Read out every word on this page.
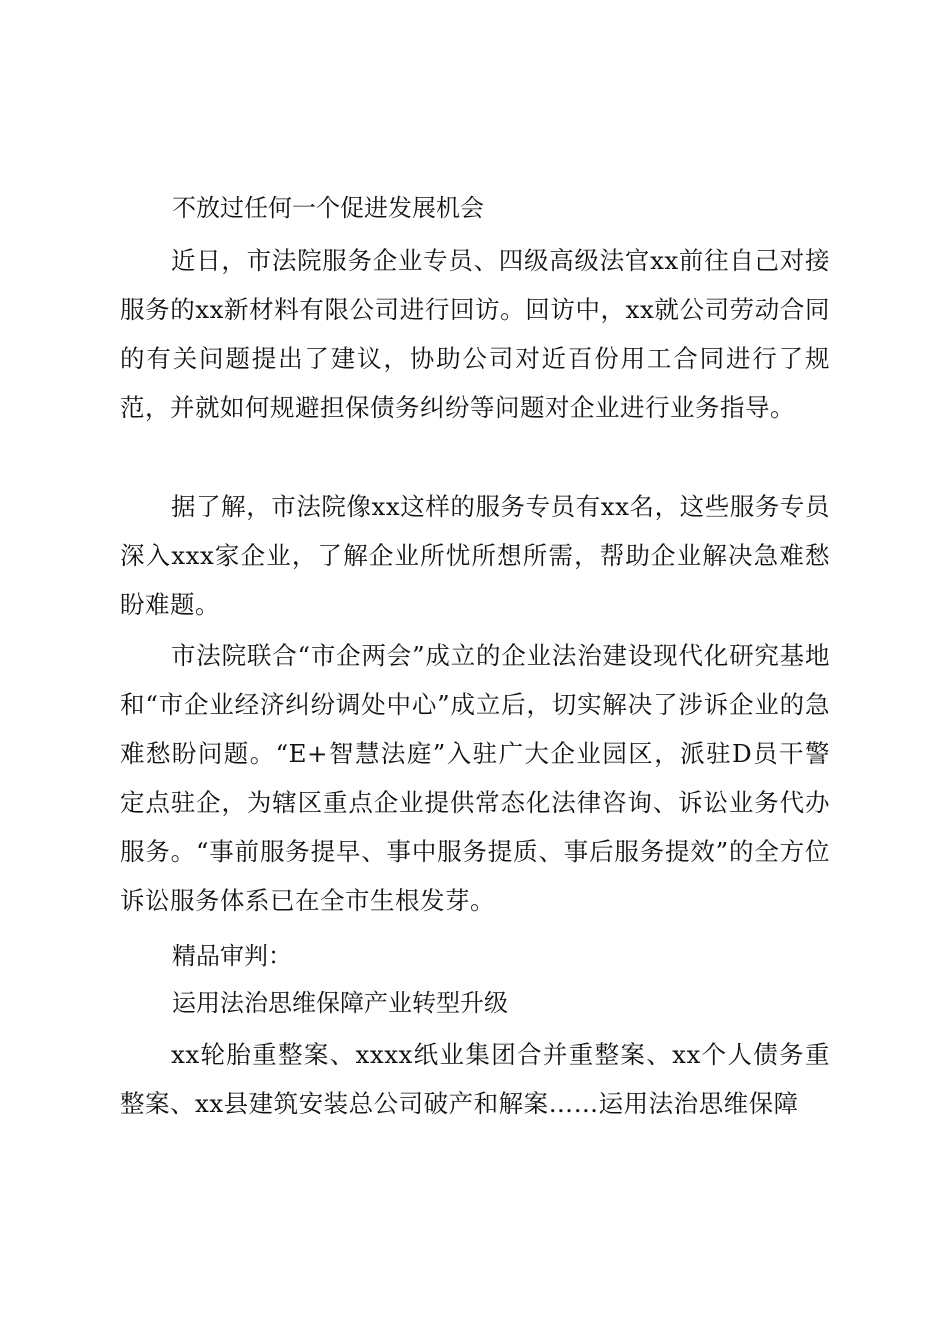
不放过任何一个促进发展机会

近日，市法院服务企业专员、四级高级法官xx前往自己对接服务的xx新材料有限公司进行回访。回访中，xx就公司劳动合同的有关问题提出了建议，协助公司对近百份用工合同进行了规范，并就如何规避担保债务纠纷等问题对企业进行业务指导。

据了解，市法院像xx这样的服务专员有xx名，这些服务专员深入xxx家企业，了解企业所忧所想所需，帮助企业解决急难愁盼难题。

市法院联合“市企两会”成立的企业法治建设现代化研究基地和“市企业经济纠纷调处中心”成立后，切实解决了涉诉企业的急难愁盼问题。“E+智慧法庭”入驻广大企业园区，派驻D员干警定点驻企，为辖区重点企业提供常态化法律咨询、诉讼业务代办服务。“事前服务提早、事中服务提质、事后服务提效”的全方位诉讼服务体系已在全市生根发芽。

精品审判：
运用法治思维保障产业转型升级

xx轮胎重整案、xxxx纸业集团合并重整案、xx个人债务重整案、xx县建筑安装总公司破产和解案……运用法治思维保障
